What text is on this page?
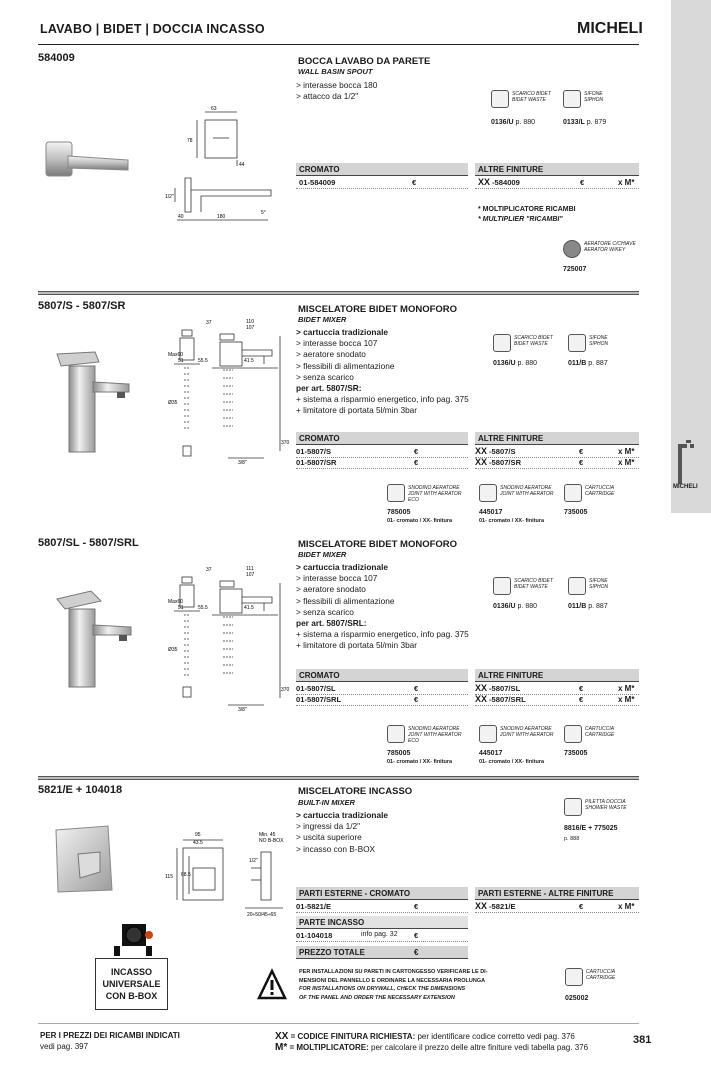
LAVABO | BIDET | DOCCIA INCASSO	MICHELI
MICHELI
584009	BOCCA LAVABO DA PARETE
WALL BASIN SPOUT
> interasse bocca 180
> attacco da 1/2"
63
78
44
1/2"
40	180
5°
SCARICO BIDET
BIDET WASTE
0136/U p. 880
SIFONE
SIPHON
0133/L p. 879
CROMATO
01-584009	€
ALTRE FINITURE
XX -584009	€	x M*
* MOLTIPLICATORE RICAMBI
* MULTIPLIER "RICAMBI"
AERATORE C/CHIAVE
AERATOR W/KEY
725007
5807/S - 5807/SR	MISCELATORE BIDET MONOFORO
BIDET MIXER
> cartuccia tradizionale
> interasse bocca 107
> aeratore snodato
> flessibili di alimentazione
> senza scarico
per art. 5807/SR:
+ sistema a risparmio energetico, info pag. 375
+ limitatore di portata 5l/min 3bar
37	110
107
Max60
51	55.5	41.5
Ø35
370
3/8"
SCARICO BIDET
BIDET WASTE
0136/U p. 880
SIFONE
SIPHON
011/B p. 887
CROMATO
01-5807/S	€
01-5807/SR	€
ALTRE FINITURE
XX -5807/S	€	x M*
XX -5807/SR	€	x M*
SNODINO AERATORE
JOINT WITH AERATOR
ECO
785005
01- cromato / XX- finitura
SNODINO AERATORE
JOINT WITH AERATOR
445017
01- cromato / XX- finitura
CARTUCCIA
CARTRIDGE
735005
5807/SL - 5807/SRL	MISCELATORE BIDET MONOFORO
BIDET MIXER
> cartuccia tradizionale
> interasse bocca 107
> aeratore snodato
> flessibili di alimentazione
> senza scarico
per art. 5807/SRL:
+ sistema a risparmio energetico, info pag. 375
+ limitatore di portata 5l/min 3bar
37	111
107
Max60
51	55.5	41.5
Ø35
370
3/8"
SCARICO BIDET
BIDET WASTE
0136/U p. 880
SIFONE
SIPHON
011/B p. 887
CROMATO
01-5807/SL	€
01-5807/SRL	€
ALTRE FINITURE
XX -5807/SL	€	x M*
XX -5807/SRL	€	x M*
SNODINO AERATORE
JOINT WITH AERATOR
ECO
785005
01- cromato / XX- finitura
SNODINO AERATORE
JOINT WITH AERATOR
445017
01- cromato / XX- finitura
CARTUCCIA
CARTRIDGE
735005
5821/E + 104018	MISCELATORE INCASSO
BUILT-IN MIXER
> cartuccia tradizionale
> ingressi da 1/2"
> uscita superiore
> incasso con B-BOX
95
43.5
Min. 45
NO B-BOX
115 68.5
1/2"
20÷50/45÷65
PILETTA DOCCIA
SHOWER WASTE
8816/E + 775025
p. 888
PARTI ESTERNE - CROMATO
01-5821/E	€
PARTE INCASSO
01-104018	info pag. 32 €
PREZZO TOTALE	€
PARTI ESTERNE - ALTRE FINITURE
XX -5821/E	€	x M*
CARTUCCIA
CARTRIDGE
025002
INCASSO
UNIVERSALE
CON B-BOX
PER INSTALLAZIONI SU PARETI IN CARTONGESSO VERIFICARE LE DI-
MENSIONI DEL PANNELLO E ORDINARE LA NECESSARIA PROLUNGA
FOR INSTALLATIONS ON DRYWALL, CHECK THE DIMENSIONS
OF THE PANEL AND ORDER THE NECESSARY EXTENSION
PER I PREZZI DEI RICAMBI INDICATI
vedi pag. 397
XX = CODICE FINITURA RICHIESTA: per identificare codice corretto vedi pag. 376
M* = MOLTIPLICATORE: per calcolare il prezzo delle altre finiture vedi tabella pag. 376
381
